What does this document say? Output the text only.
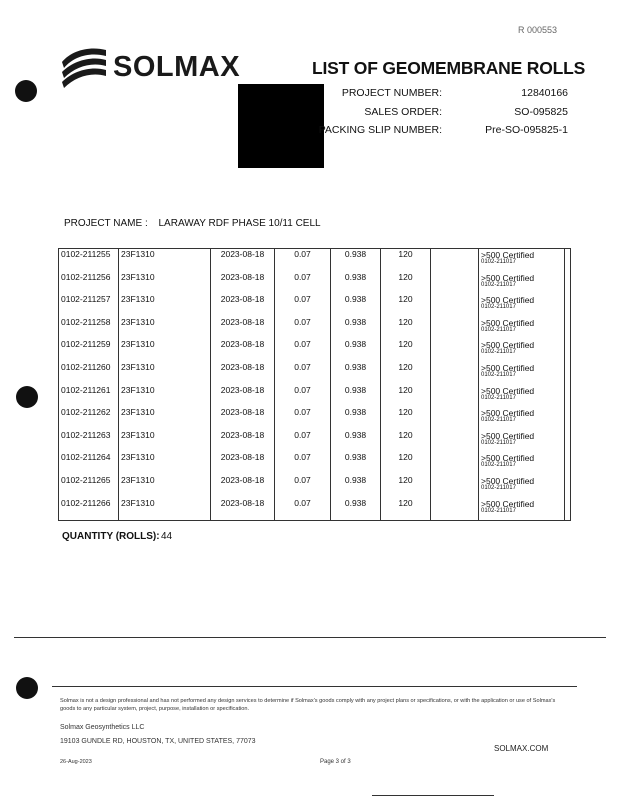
R 000553
SOLMAX	LIST OF GEOMEMBRANE ROLLS
PROJECT NUMBER:	12840166
SALES ORDER:	SO-095825
PACKING SLIP NUMBER:	Pre-SO-095825-1
PROJECT NAME : LARAWAY RDF PHASE 10/11 CELL
0102-211255	23F1310	2023-08-18	0.07	0.938	120		>500 Certified
0102-211017	

0102-211256	23F1310	2023-08-18	0.07	0.938	120		>500 Certified
0102-211017	

0102-211257	23F1310	2023-08-18	0.07	0.938	120		>500 Certified
0102-211017	

0102-211258	23F1310	2023-08-18	0.07	0.938	120		>500 Certified
0102-211017	

0102-211259	23F1310	2023-08-18	0.07	0.938	120		>500 Certified
0102-211017	

0102-211260	23F1310	2023-08-18	0.07	0.938	120		>500 Certified
0102-211017	

0102-211261	23F1310	2023-08-18	0.07	0.938	120		>500 Certified
0102-211017	

0102-211262	23F1310	2023-08-18	0.07	0.938	120		>500 Certified
0102-211017	

0102-211263	23F1310	2023-08-18	0.07	0.938	120		>500 Certified
0102-211017	

0102-211264	23F1310	2023-08-18	0.07	0.938	120		>500 Certified
0102-211017	

0102-211265	23F1310	2023-08-18	0.07	0.938	120		>500 Certified
0102-211017	

0102-211266	23F1310	2023-08-18	0.07	0.938	120		>500 Certified
0102-211017	

QUANTITY (ROLLS): 44
Solmax is not a design professional and has not performed any design services to determine if Solmax's goods comply with any project plans or specifications, or with the application or use of Solmax's goods to any particular system, project, purpose, installation or specification.
Solmax Geosynthetics LLC
19103 GUNDLE RD, HOUSTON, TX, UNITED STATES, 77073
SOLMAX.COM
26-Aug-2023	Page 3 of 3
